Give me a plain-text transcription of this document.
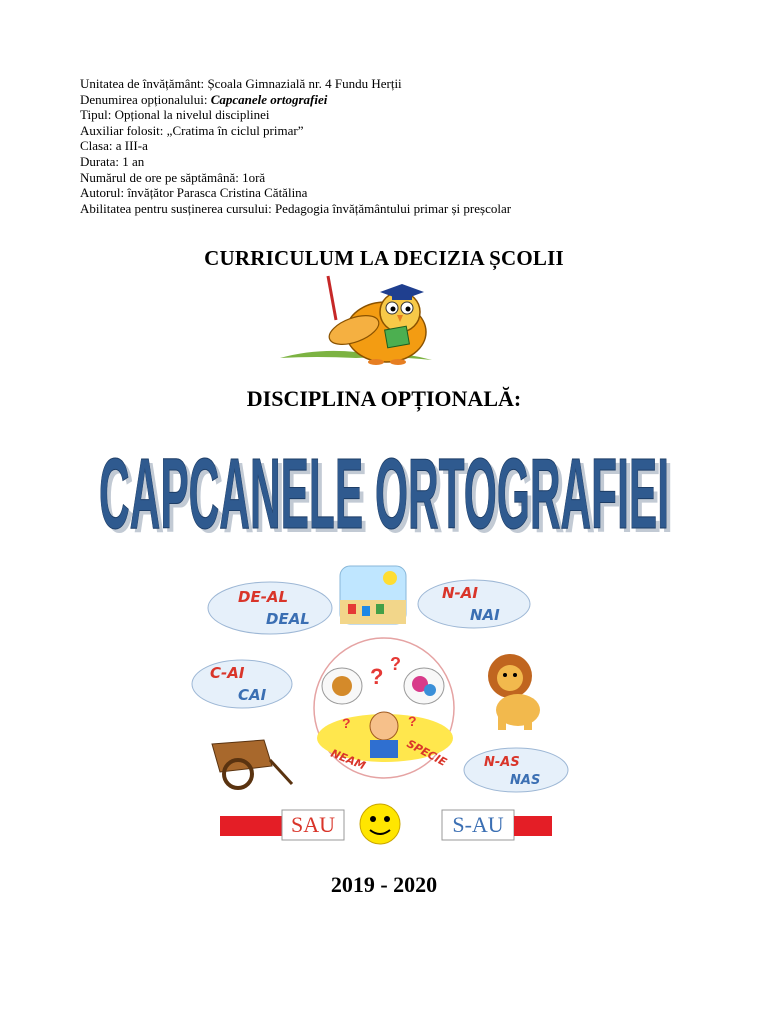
Unitatea de învățământ: Școala Gimnazială nr. 4 Fundu Herții
Denumirea opționalului: Capcanele ortografiei
Tipul: Opțional la nivelul disciplinei
Auxiliar folosit: „Cratima în ciclul primar”
Clasa: a III-a
Durata: 1 an
Numărul de ore pe săptămână: 1oră
Autorul: învățător Parasca Cristina Cătălina
Abilitatea pentru susținerea cursului: Pedagogia învățământului primar și preșcolar
CURRICULUM LA DECIZIA ȘCOLII
DISCIPLINA OPȚIONALĂ:
CAPCANELE ORTOGRAFIEI
CAPCANELE ORTOGRAFIEI
DE-AL
DEAL
N-AI
NAI
C-AI
CAI
? ?
?
?
NEAM	SPECIE	N-AS
NAS
SAU	S-AU
2019 - 2020
